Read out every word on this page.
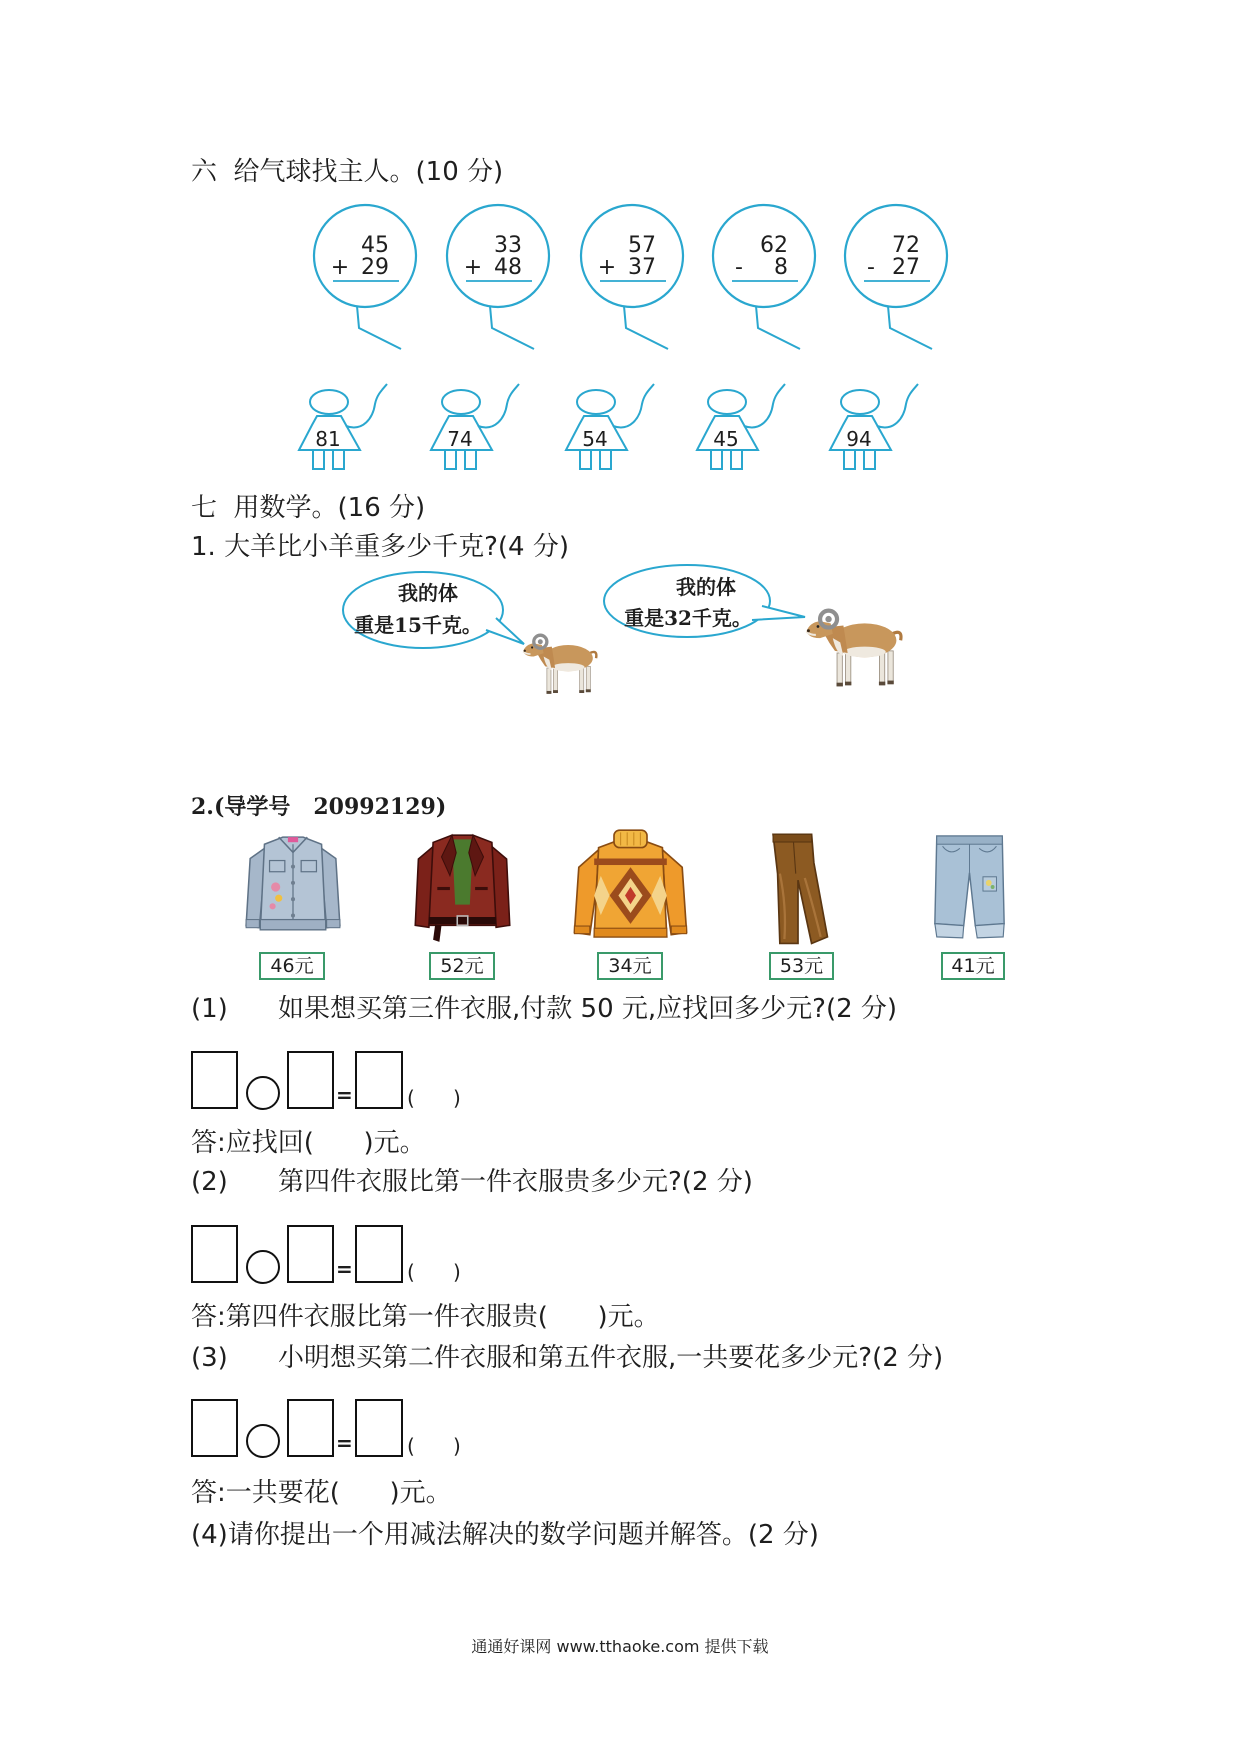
45
+ 29
33
+ 48
57
+ 37
62
- 8
72
- 27
81	74	54	45	94
我的体
重是15千克。
我的体
重是32千克。
六  给气球找主人。(10 分)
七  用数学。(16 分)
1. 大羊比小羊重多少千克?(4 分)
2.(导学号   20992129)
46元	52元	34元	53元	41元
(1) 如果想买第三件衣服,付款 50 元,应找回多少元?(2 分)
=	(      )
答:应找回(      )元。
(2) 第四件衣服比第一件衣服贵多少元?(2 分)
=	(      )
答:第四件衣服比第一件衣服贵(      )元。
(3) 小明想买第二件衣服和第五件衣服,一共要花多少元?(2 分)
=	(      )
答:一共要花(      )元。
(4)请你提出一个用减法解决的数学问题并解答。(2 分)
通通好课网 www.tthaoke.com 提供下载
